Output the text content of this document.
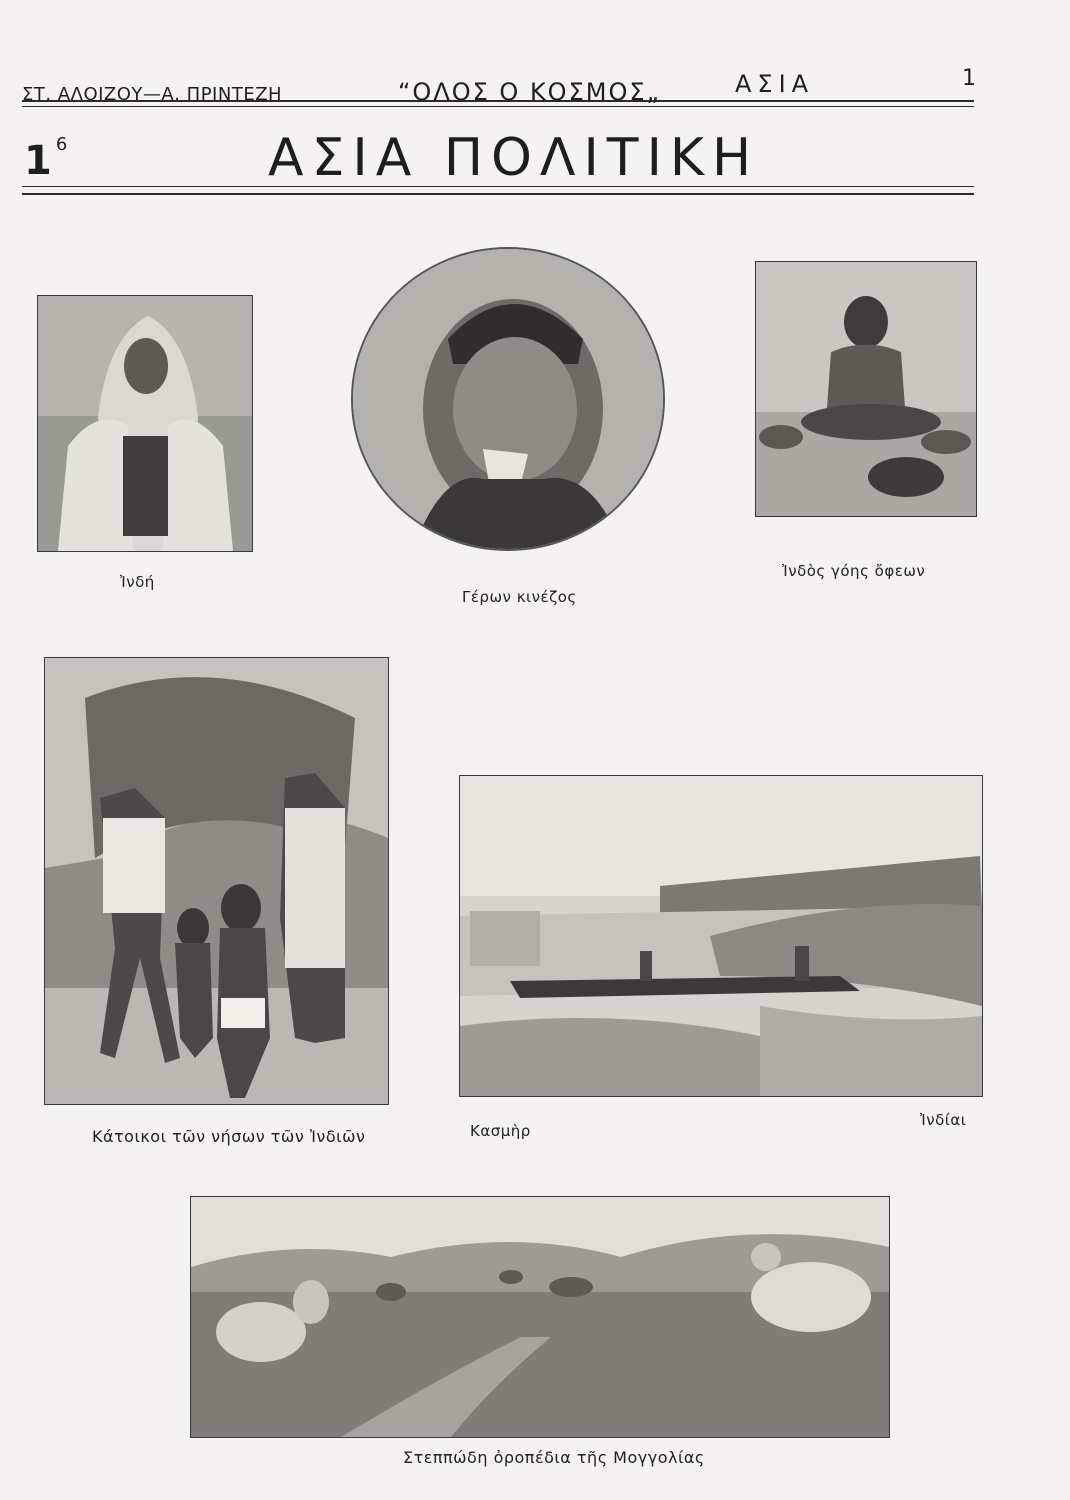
ΣΤ. ΑΛΟΙΖΟΥ—Α. ΠΡΙΝΤΕΖΗ	“ΟΛΟΣ Ο ΚΟΣΜΟΣ„	ΑΣΙΑ	1
1 $^6$	ΑΣΙΑ ΠΟΛΙΤΙΚΗ
Ἰνδή
Γέρων κινέζος
Ἰνδὸς γόης ὄφεων
Κάτοικοι τῶν νήσων τῶν Ἰνδιῶν	Κασμὴρ
Ἰνδίαι
Στεππώδη ὀροπέδια τῆς Μογγολίας
